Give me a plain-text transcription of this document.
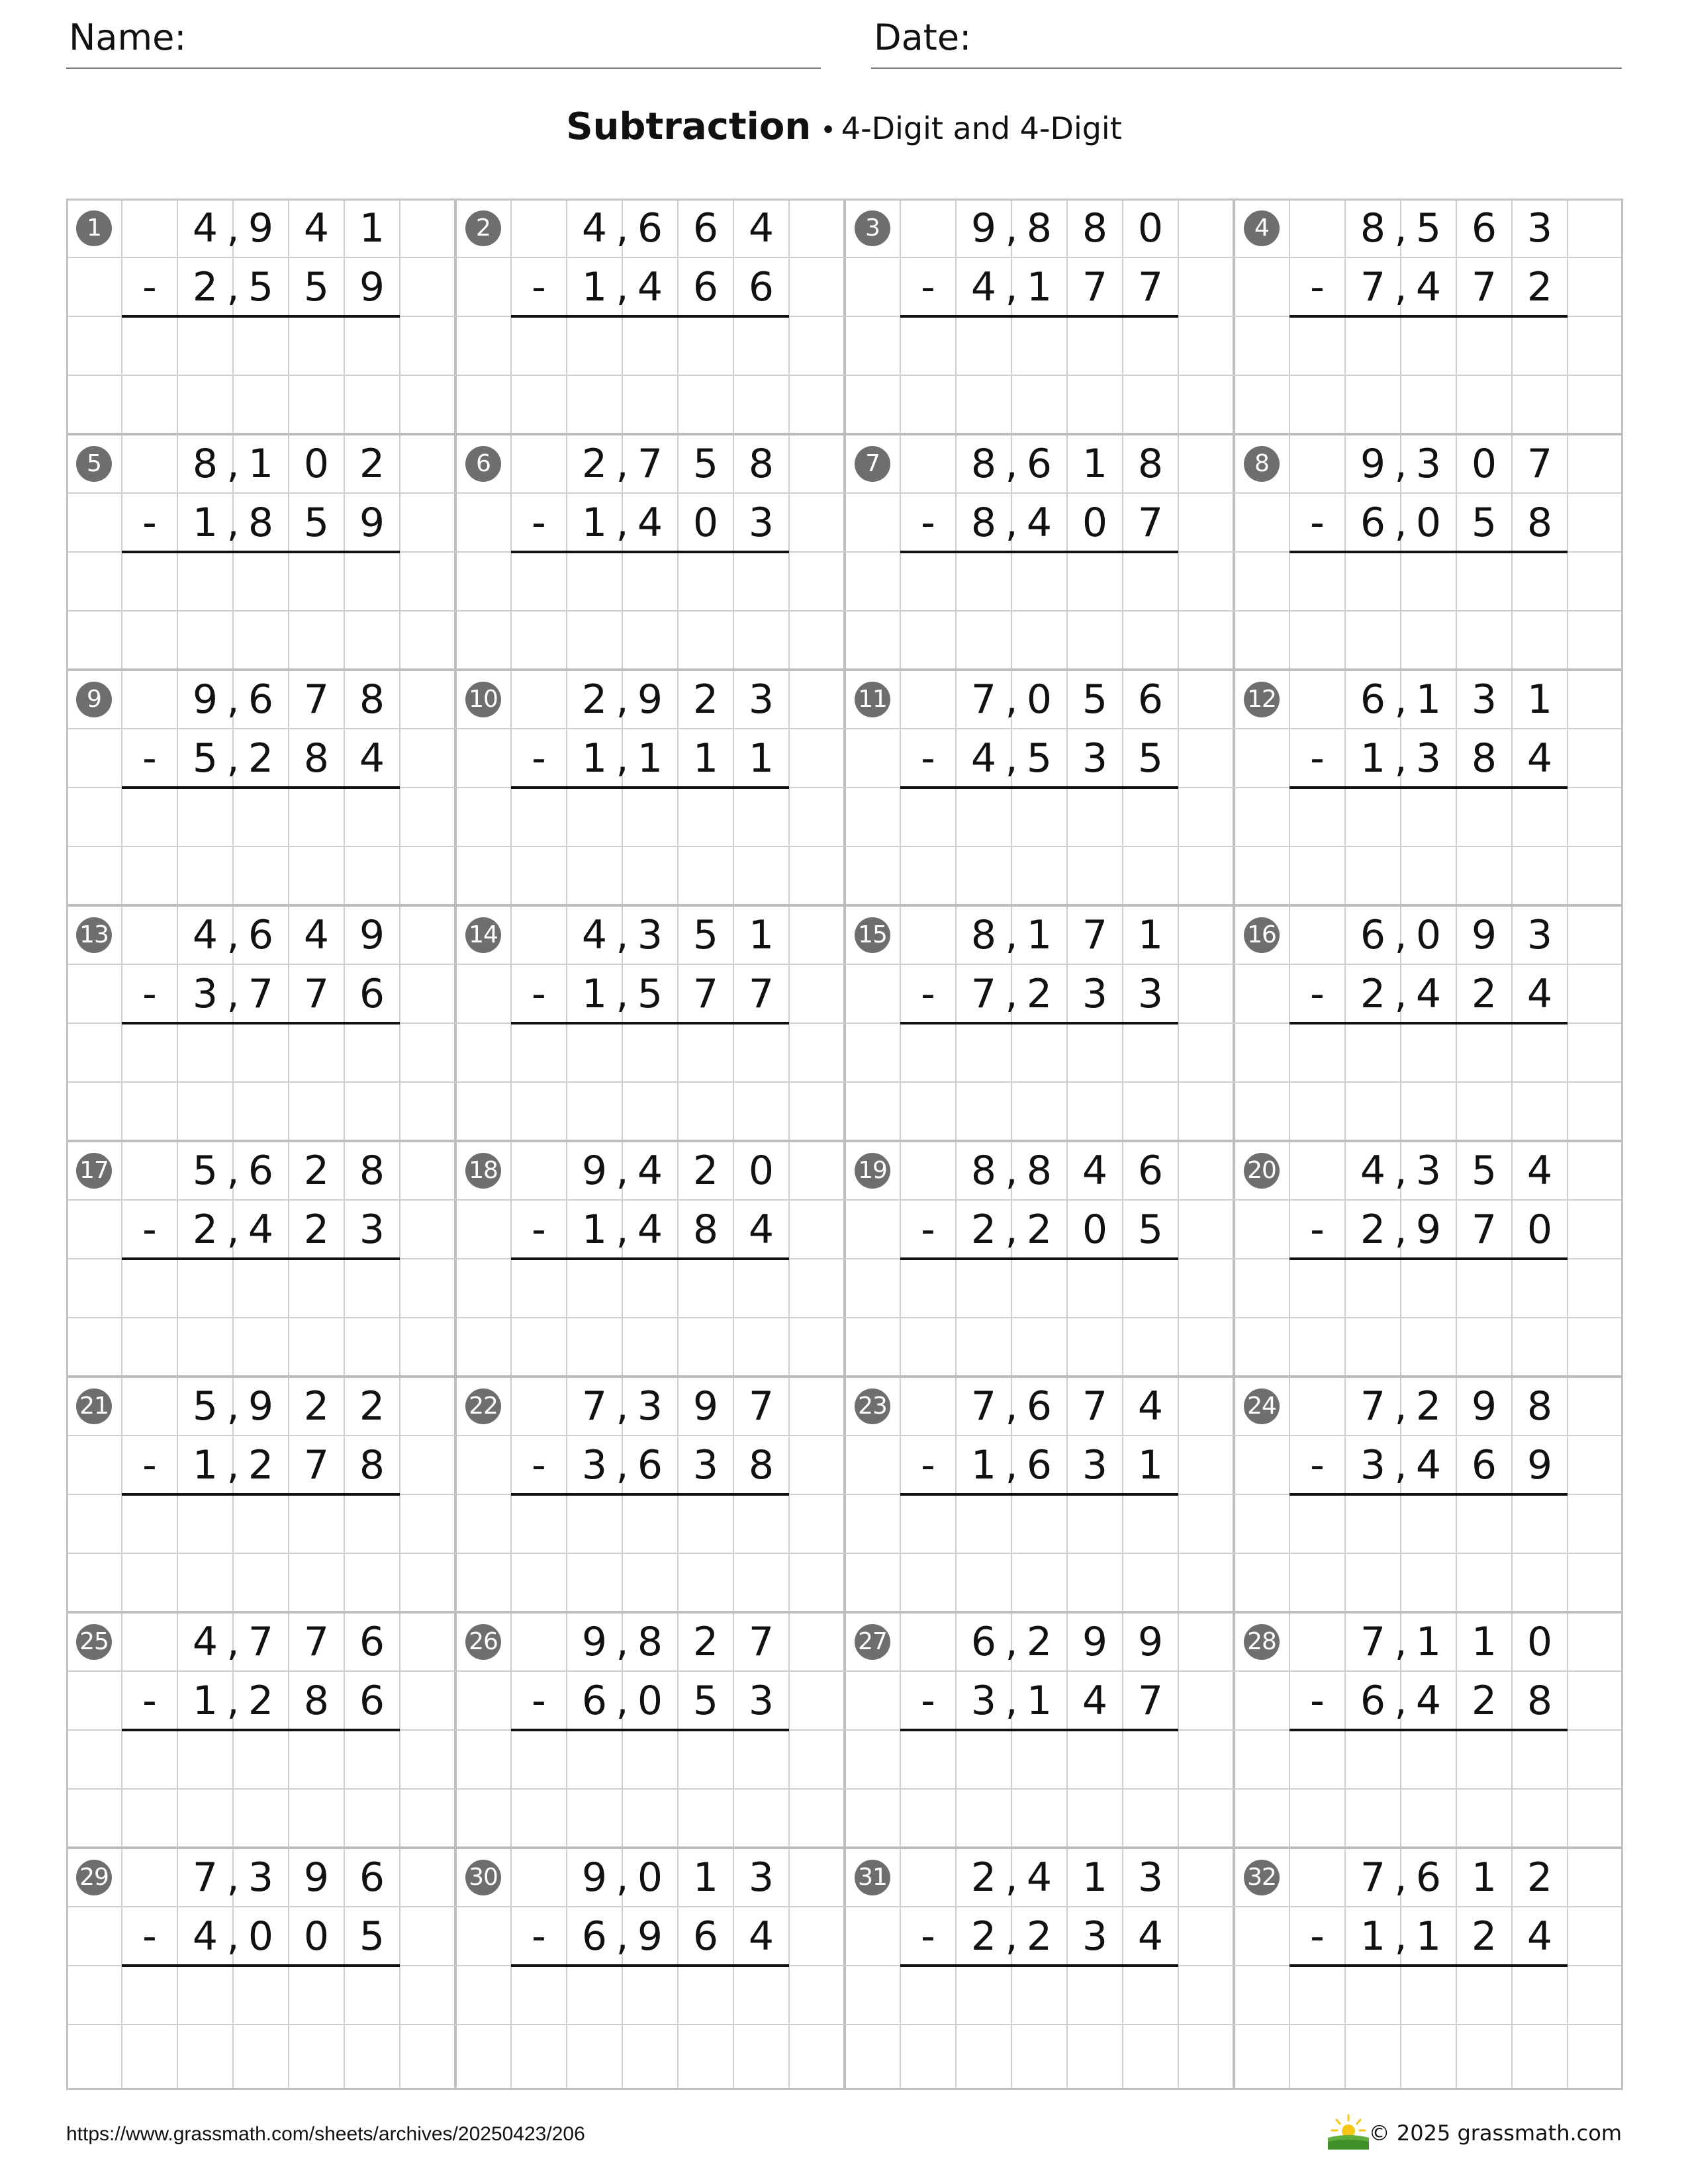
Name:	Date:
Subtraction • 4-Digit and 4-Digit
1	4 9 4 1
,
2 5 5 9
,
-
2	4 6 6 4
,
1 4 6 6
,
-
3	9 8 8 0
,
4 1 7 7
,
-
4	8 5 6 3
,
7 4 7 2
,
-
5	8 1 0 2
,
1 8 5 9
,
-
6	2 7 5 8
,
1 4 0 3
,
-
7	8 6 1 8
,
8 4 0 7
,
-
8	9 3 0 7
,
6 0 5 8
,
-
9	9 6 7 8
,
5 2 8 4
,
-
10	2 9 2 3
,
1 1 1 1
,
-
11	7 0 5 6
,
4 5 3 5
,
-
12	6 1 3 1
,
1 3 8 4
,
-
13	4 6 4 9
,
3 7 7 6
,
-
14	4 3 5 1
,
1 5 7 7
,
-
15	8 1 7 1
,
7 2 3 3
,
-
16	6 0 9 3
,
2 4 2 4
,
-
17	5 6 2 8
,
2 4 2 3
,
-
18	9 4 2 0
,
1 4 8 4
,
-
19	8 8 4 6
,
2 2 0 5
,
-
20	4 3 5 4
,
2 9 7 0
,
-
21	5 9 2 2
,
1 2 7 8
,
-
22	7 3 9 7
,
3 6 3 8
,
-
23	7 6 7 4
,
1 6 3 1
,
-
24	7 2 9 8
,
3 4 6 9
,
-
25	4 7 7 6
,
1 2 8 6
,
-
26	9 8 2 7
,
6 0 5 3
,
-
27	6 2 9 9
,
3 1 4 7
,
-
28	7 1 1 0
,
6 4 2 8
,
-
29	7 3 9 6
,
4 0 0 5
,
-
30	9 0 1 3
,
6 9 6 4
,
-
31	2 4 1 3
,
2 2 3 4
,
-
32	7 6 1 2
,
1 1 2 4
,
-
https://www.grassmath.com/sheets/archives/20250423/206	© 2025 grassmath.com
